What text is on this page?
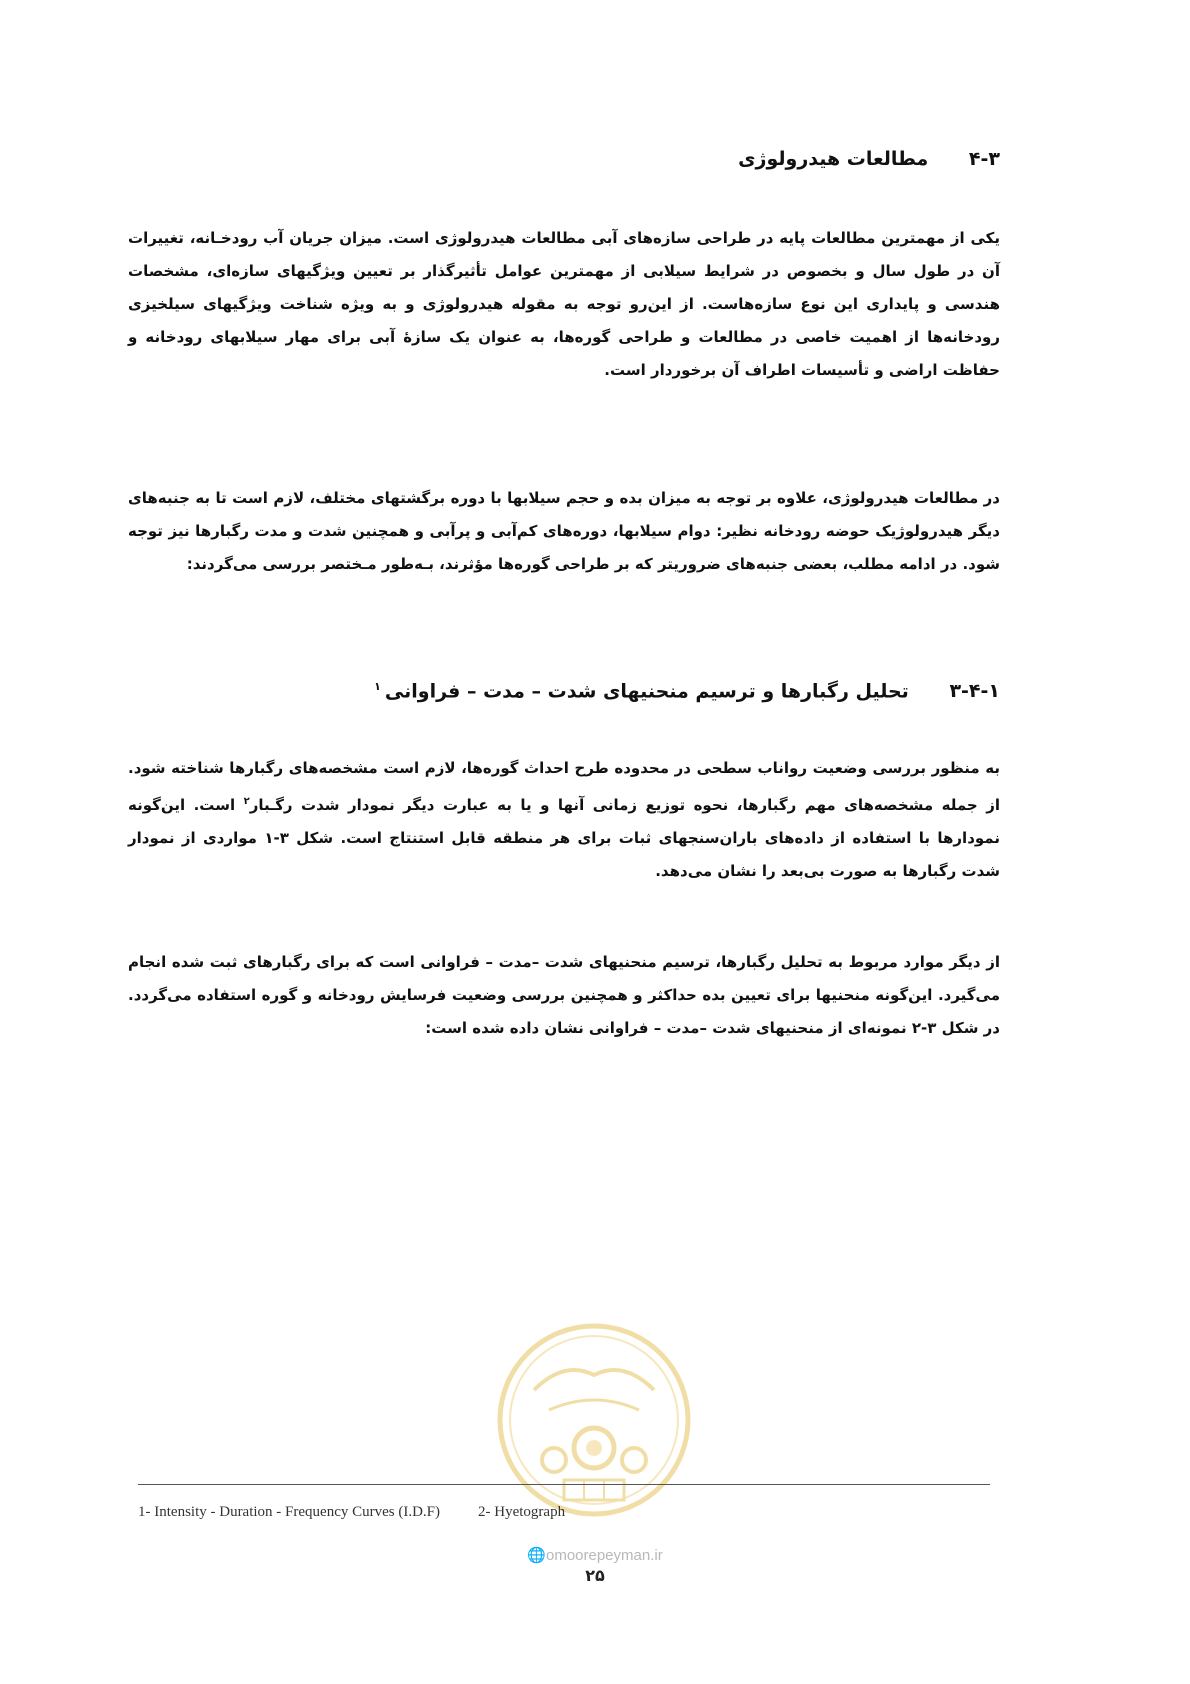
۴-۳ مطالعات هیدرولوژی
یکی از مهمترین مطالعات پایه در طراحی سازه‌های آبی مطالعات هیدرولوژی است. میزان جریان آب رودخـانه، تغییرات آن در طول سال و بخصوص در شرایط سیلابی از مهمترین عوامل تأثیرگذار بر تعیین ویژگیهای سازه‌ای، مشخصات هندسی و پایداری این نوع سازه‌هاست. از این‌رو توجه به مقوله هیدرولوژی و به ویژه شناخت ویژگیهای سیلخیزی رودخانه‌ها از اهمیت خاصی در مطالعات و طراحی گوره‌ها، به عنوان یک سازهٔ آبی برای مهار سیلابهای رودخانه و حفاظت اراضی و تأسیسات اطراف آن برخوردار است.
در مطالعات هیدرولوژی، علاوه بر توجه به میزان بده و حجم سیلابها با دوره برگشتهای مختلف، لازم است تا به جنبه‌های دیگر هیدرولوژیک حوضه رودخانه نظیر: دوام سیلابها، دوره‌های کم‌آبی و پرآبی و همچنین شدت و مدت رگبارها نیز توجه شود. در ادامه مطلب، بعضی جنبه‌های ضروریتر که بر طراحی گوره‌ها مؤثرند، بـه‌طور مـختصر بررسی می‌گردند:
۳-۴-۱ تحلیل رگبارها و ترسیم منحنیهای شدت – مدت – فراوانی$^۱$
به منظور بررسی وضعیت رواناب سطحی در محدوده طرح احداث گوره‌ها، لازم است مشخصه‌های رگبارها شناخته شود. از جمله مشخصه‌های مهم رگبارها، نحوه توزیع زمانی آنها و یا به عبارت دیگر نمودار شدت رگـبار$^۲$ است. این‌گونه نمودارها با استفاده از داده‌های باران‌سنجهای ثبات برای هر منطقه قابل استنتاج است. شکل ۳-۱ مواردی از نمودار شدت رگبارها به صورت بی‌بعد را نشان می‌دهد.
از دیگر موارد مربوط به تحلیل رگبارها، ترسیم منحنیهای شدت –مدت – فراوانی است که برای رگبارهای ثبت شده انجام می‌گیرد. این‌گونه منحنیها برای تعیین بده حداکثر و همچنین بررسی وضعیت فرسایش رودخانه و گوره استفاده می‌گردد. در شکل ۳-۲ نمونه‌ای از منحنیهای شدت –مدت – فراوانی نشان داده شده است:
1- Intensity - Duration - Frequency Curves (I.D.F)	2- Hyetograph
🌐omoorepeyman.ir
۲۵
